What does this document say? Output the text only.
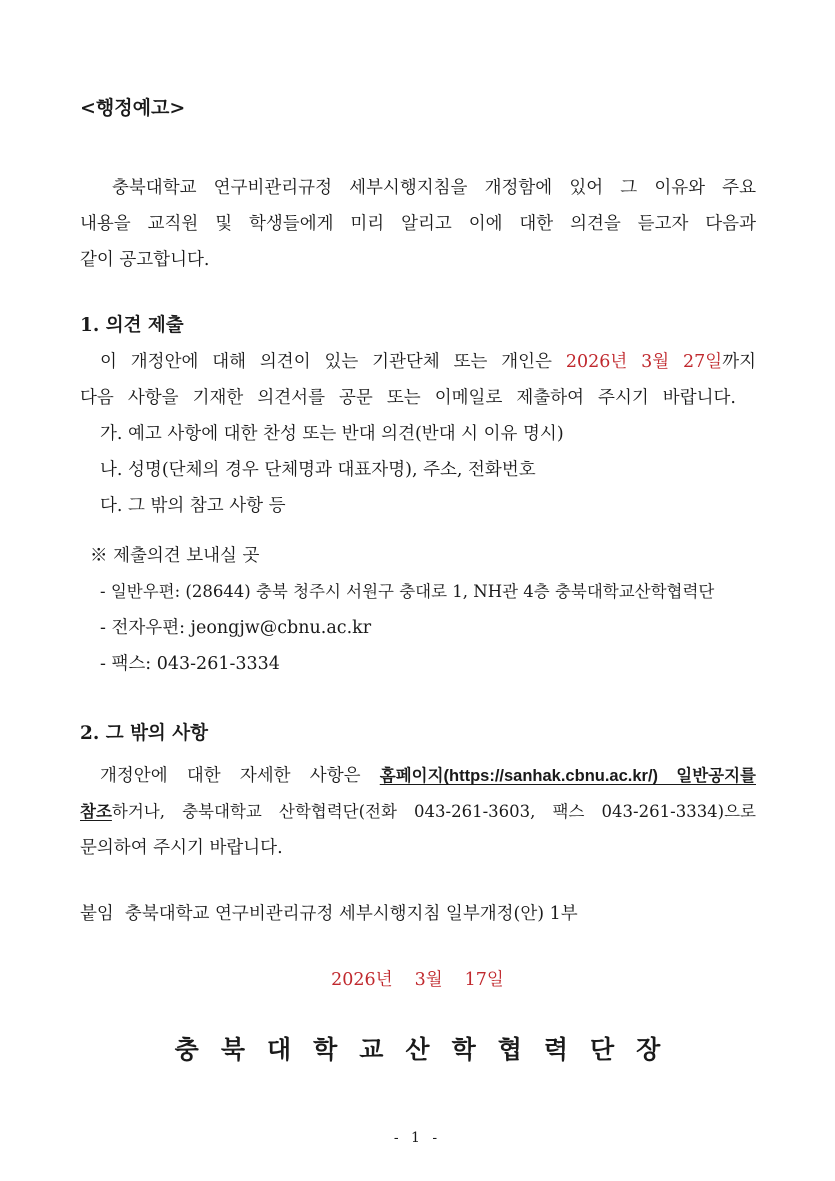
<행정예고>
충북대학교 연구비관리규정 세부시행지침을 개정함에 있어 그 이유와 주요
내용을 교직원 및 학생들에게 미리 알리고 이에 대한 의견을 듣고자 다음과
같이 공고합니다.
1. 의견 제출
이 개정안에 대해 의견이 있는 기관단체 또는 개인은 2026년 3월 27일까지
다음 사항을 기재한 의견서를 공문 또는 이메일로 제출하여 주시기 바랍니다.
가. 예고 사항에 대한 찬성 또는 반대 의견(반대 시 이유 명시)
나. 성명(단체의 경우 단체명과 대표자명), 주소, 전화번호
다. 그 밖의 참고 사항 등
※ 제출의견 보내실 곳
- 일반우편: (28644) 충북 청주시 서원구 충대로 1, NH관 4층 충북대학교산학협력단
- 전자우편: jeongjw@cbnu.ac.kr
- 팩스: 043-261-3334
2. 그 밖의 사항
개정안에 대한 자세한 사항은 홈페이지(https://sanhak.cbnu.ac.kr/) 일반공지를
참조하거나, 충북대학교 산학협력단(전화 043-261-3603, 팩스 043-261-3334)으로
문의하여 주시기 바랍니다.
붙임  충북대학교 연구비관리규정 세부시행지침 일부개정(안) 1부
2026년 3월 17일
충북대학교산학협력단장
- 1 -
